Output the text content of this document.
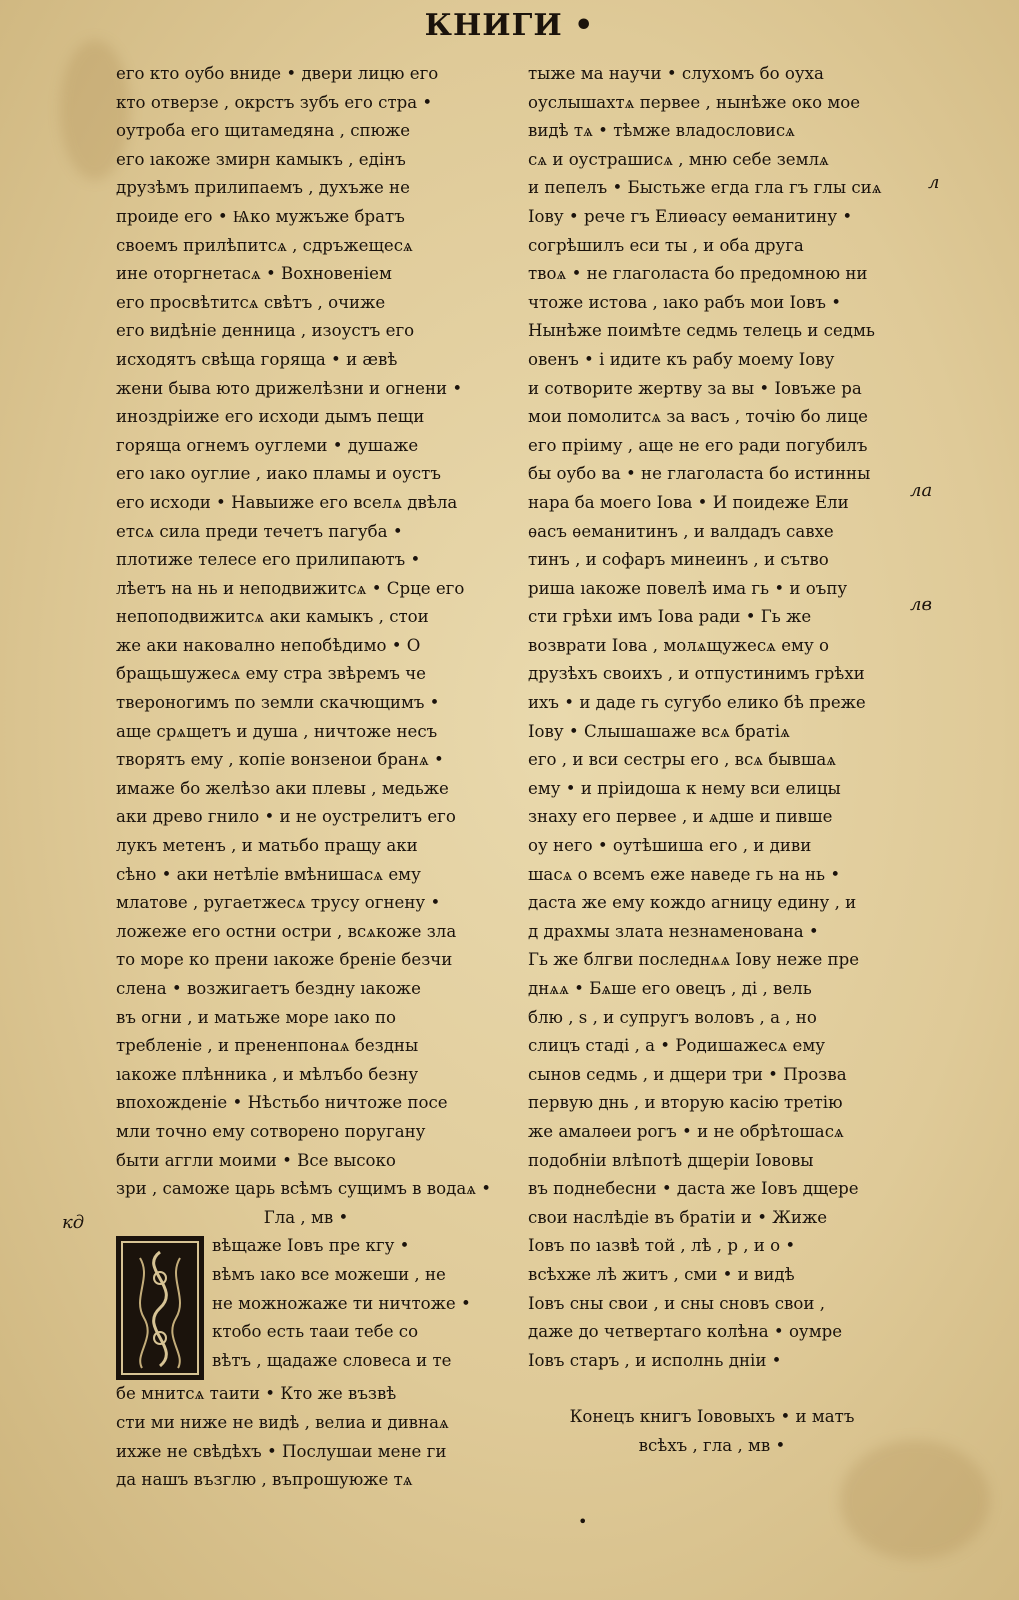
КНИГИ •
л
ла
лв
кд
его кто оубо вниде • двери лицю его
кто отверзе , окрстъ зубъ его стра •
оутроба его щитамедяна , спюже
его ıакоже змирн камыкъ , едінъ
друзѣмъ прилипаемъ , духъже не
проиде его • Ѩко мужъже братъ
своемъ прилѣпитсѧ , сдръжещесѧ
ине оторгнетасѧ • Вохновеніем
его просвѣтитсѧ свѣтъ , очиже
его видѣніе денница , изоустъ его
исходятъ свѣща горяща • и ӕвѣ
жени быва юто дрижелѣзни и огнени •
иноздріиже его исходи дымъ пещи
горяща огнемъ оуглеми • душаже
его ıако оуглие , иако пламы и оустъ
его исходи • Навыиже его вселѧ двѣла
етсѧ сила преди течетъ пагуба •
плотиже телесе его прилипаютъ •
лѣетъ на нь и неподвижитсѧ • Срце его
непоподвижитсѧ аки камыкъ , стои
же аки наковално непобѣдимо • О
бращьшужесѧ ему стра звѣремъ че
твероногимъ по земли скачющимъ •
аще срѧщетъ и душа , ничтоже несъ
творятъ ему , копіе вонзенои бранѧ •
имаже бо желѣзо аки плевы , медьже
аки древо гнило • и не оустрелитъ его
лукъ метенъ , и матьбо пращу аки
сѣно • аки нетѣліе вмѣнишасѧ ему
млатове , ругаетжесѧ трусу огнену •
ложеже его остни остри , всѧкоже зла
то море ко прени ıакоже бреніе безчи
слена • возжигаетъ бездну ıакоже
въ огни , и матьже море ıако по
требленіе , и прененпонаѧ бездны
ıакоже плѣнника , и мѣлъбо безну
впохожденіе • Нѣстьбо ничтоже посе
мли точно ему сотворено поругану
быти аггли моими • Все высоко
зри , саможе царь всѣмъ сущимъ в водаѧ •
Гла , мв •
вѣщаже Іовъ пре кгу •
вѣмъ ıако все можеши , не
не можножаже ти ничтоже •
ктобо есть тааи тебе со
вѣтъ , щадаже словеса и те
бе мнитсѧ таити • Кто же възвѣ
сти ми ниже не видѣ , велиа и дивнаѧ
ихже не свѣдѣхъ • Послушаи мене ги
да нашъ възглю , въпрошуюже тѧ
тыже ма научи • слухомъ бо оуха
оуслышахтѧ первее , нынѣже око мое
видѣ тѧ • тѣмже владословисѧ
сѧ и оустрашисѧ , мню себе землѧ
и пепелъ • Быстьже егда гла гъ глы сиѧ
Іову • рече гъ Елиѳасу ѳеманитину •
согрѣшилъ еси ты , и оба друга
твоѧ • не глаголаста бо предомною ни
чтоже истова , ıако рабъ мои Іовъ •
Нынѣже поимѣте седмь телець и седмь
овенъ • і идите къ рабу моему Іову
и сотворите жертву за вы • Іовъже ра
мои помолитсѧ за васъ , точію бо лице
его пріиму , аще не его ради погубилъ
бы оубо ва • не глаголаста бо истинны
нара ба моего Іова • И поидеже Ели
ѳасъ ѳеманитинъ , и валдадъ савхе
тинъ , и софаръ минеинъ , и сътво
риша ıакоже повелѣ има гь • и оъпу
сти грѣхи имъ Іова ради • Гь же
возврати Іова , молѧщужесѧ ему о
друзѣхъ своихъ , и отпустинимъ грѣхи
ихъ • и даде гь сугубо елико бѣ преже
Іову • Слышашаже всѧ братіѧ
его , и вси сестры его , всѧ бывшаѧ
ему • и пріидоша к нему вси елицы
знаху его первее , и ѧдше и пивше
оу него • оутѣшиша его , и диви
шасѧ о всемъ еже наведе гь на нь •
даста же ему кождо агницу едину , и
д драхмы злата незнаменована •
Гь же блгви последнѧѧ Іову неже пре
днѧѧ • Бѧше его овецъ , ді , вель
блю , ѕ , и супругъ воловъ , а , но
слицъ стаді , а • Родишажесѧ ему
сынов седмь , и дщери три • Прозва
первую днь , и вторую касію третію
же амалѳеи рогъ • и не обрѣтошасѧ
подобніи влѣпотѣ дщеріи Іововы
въ поднебесни • даста же Іовъ дщере
свои наслѣдіе въ братіи и • Жиже
Іовъ по ıазвѣ той , лѣ , р , и о •
всѣхже лѣ житъ , сми • и видѣ
Іовъ сны свои , и сны сновъ свои ,
даже до четвертаго колѣна • оумре
Іовъ старъ , и исполнь дніи •
Конецъ книгъ Іововыхъ • и матъ
всѣхъ , гла , мв •
•
